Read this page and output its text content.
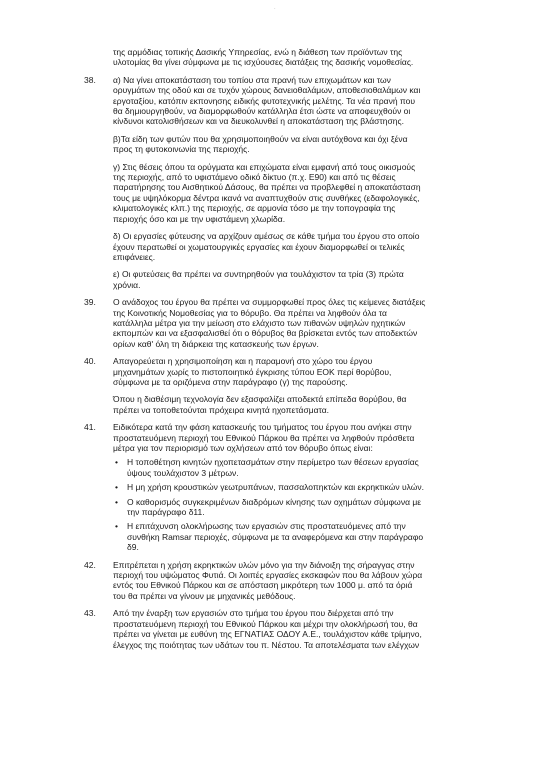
·

της αρμόδιας τοπικής Δασικής Υπηρεσίας, ενώ η διάθεση των προϊόντων της
υλοτομίας θα γίνει σύμφωνα με τις ισχύουσες διατάξεις της δασικής νομοθεσίας.

38. α) Να γίνει αποκατάσταση του τοπίου στα πρανή των επιχωμάτων και των
ορυγμάτων της οδού και σε τυχόν χώρους δανειοθαλάμων, αποθεσιοθαλάμων και
εργοταξίου, κατόπιν εκπονησης ειδικής φυτοτεχνικής μελέτης. Τα νέα πρανή που
θα δημιουργηθούν, να διαμορφωθούν κατάλληλα έτσι ώστε να αποφευχθούν οι
κίνδυνοι κατολισθήσεων και να διευκολυνθεί η αποκατάσταση της βλάστησης.

β)Τα είδη των φυτών που θα χρησιμοποιηθούν να είναι αυτόχθονα και όχι ξένα
προς τη φυτοκοινωνία της περιοχής.

γ) Στις θέσεις όπου τα ορύγματα και επιχώματα είναι εμφανή από τους οικισμούς
της περιοχής, από το υφιστάμενο οδικό δίκτυο (π.χ. Ε90) και από τις θέσεις
παρατήρησης του Αισθητικού Δάσους, θα πρέπει να προβλεφθεί η αποκατάσταση
τους με υψηλόκορμα δέντρα ικανά να αναπτυχθούν στις συνθήκες (εδαφολογικές,
κλιματολογικές κλπ.) της περιοχής, σε αρμονία τόσο με την τοπογραφία της
περιοχής όσο και με την υφιστάμενη χλωρίδα.

δ) Οι εργασίες φύτευσης να αρχίζουν αμέσως σε κάθε τμήμα του έργου στο οποίο
έχουν περατωθεί οι χωματουργικές εργασίες και έχουν διαμορφωθεί οι τελικές
επιφάνειες.

ε) Οι φυτεύσεις θα πρέπει να συντηρηθούν για τουλάχιστον τα τρία (3) πρώτα
χρόνια.

39. Ο ανάδοχος του έργου θα πρέπει να συμμορφωθεί προς όλες τις κείμενες διατάξεις
της Κοινοτικής Νομοθεσίας για το θόρυβο. Θα πρέπει να ληφθούν όλα τα
κατάλληλα μέτρα για την μείωση στο ελάχιστο των πιθανών υψηλών ηχητικών
εκπομπών και να εξασφαλισθεί ότι ο θόρυβος θα βρίσκεται εντός των αποδεκτών
ορίων καθ' όλη τη διάρκεια της κατασκευής των έργων.

40. Απαγορεύεται η χρησιμοποίηση και η παραμονή στο χώρο του έργου
μηχανημάτων χωρίς το πιστοποιητικό έγκρισης τύπου ΕΟΚ περί θορύβου,
σύμφωνα με τα οριζόμενα στην παράγραφο (γ) της παρούσης.

Όπου η διαθέσιμη τεχνολογία δεν εξασφαλίζει αποδεκτά επίπεδα θορύβου, θα
πρέπει να τοποθετούνται πρόχειρα κινητά ηχοπετάσματα.

41. Ειδικότερα κατά την φάση κατασκευής του τμήματος του έργου που ανήκει στην
προστατευόμενη περιοχή του Εθνικού Πάρκου θα πρέπει να ληφθούν πρόσθετα
μέτρα για τον περιορισμό των οχλήσεων από τον θόρυβο όπως είναι:

• Η τοποθέτηση κινητών ηχοπετασμάτων στην περίμετρο των θέσεων εργασίας
ύψους τουλάχιστον 3 μέτρων.

• Η μη χρήση κρουστικών γεωτρυπάνων, πασσαλοπηκτών και εκρηκτικών υλών.

• Ο καθορισμός συγκεκριμένων διαδρόμων κίνησης των οχημάτων σύμφωνα με
την παράγραφο δ11.

• Η επιτάχυνση ολοκλήρωσης των εργασιών στις προστατευόμενες από την
συνθήκη Ramsar περιοχές, σύμφωνα με τα αναφερόμενα και στην παράγραφο
δ9.

42. Επιτρέπεται η χρήση εκρηκτικών υλών μόνο για την διάνοιξη της σήραγγας στην
περιοχή του υψώματος Φυτιά. Οι λοιπές εργασίες εκσκαφών που θα λάβουν χώρα
εντός του Εθνικού Πάρκου και σε απόσταση μικρότερη των 1000 μ. από τα όριά
του θα πρέπει να γίνουν με μηχανικές μεθόδους.

43. Από την έναρξη των εργασιών στο τμήμα του έργου που διέρχεται από την
προστατευόμενη περιοχή του Εθνικού Πάρκου και μέχρι την ολοκλήρωσή του, θα
πρέπει να γίνεται με ευθύνη της ΕΓΝΑΤΙΑΣ ΟΔΟΥ Α.Ε., τουλάχιστον κάθε τρίμηνο,
έλεγχος της ποιότητας των υδάτων του π. Νέστου. Τα αποτελέσματα των ελέγχων
